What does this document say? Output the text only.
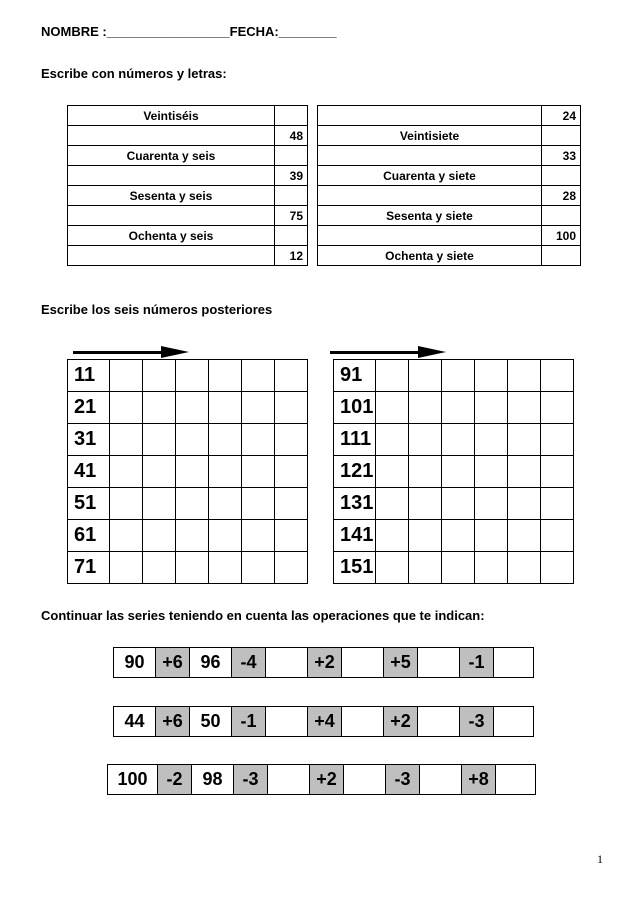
NOMBRE :_________________FECHA:________
Escribe con números y letras:
Veintiséis	
	48
Cuarenta y seis	
	39
Sesenta y seis	
	75
Ochenta y seis	
	12
	24
Veintisiete	
	33
Cuarenta y siete	
	28
Sesenta y siete	
	100
Ochenta y siete	
Escribe los seis números posteriores
11						
21						
31						
41						
51						
61						
71						
91						
101						
111						
121						
131						
141						
151						
Continuar las series teniendo en cuenta las operaciones que te indican:
90	+6	96	-4		+2		+5		-1	
44	+6	50	-1		+4		+2		-3	
100	-2	98	-3		+2		-3		+8	
1
